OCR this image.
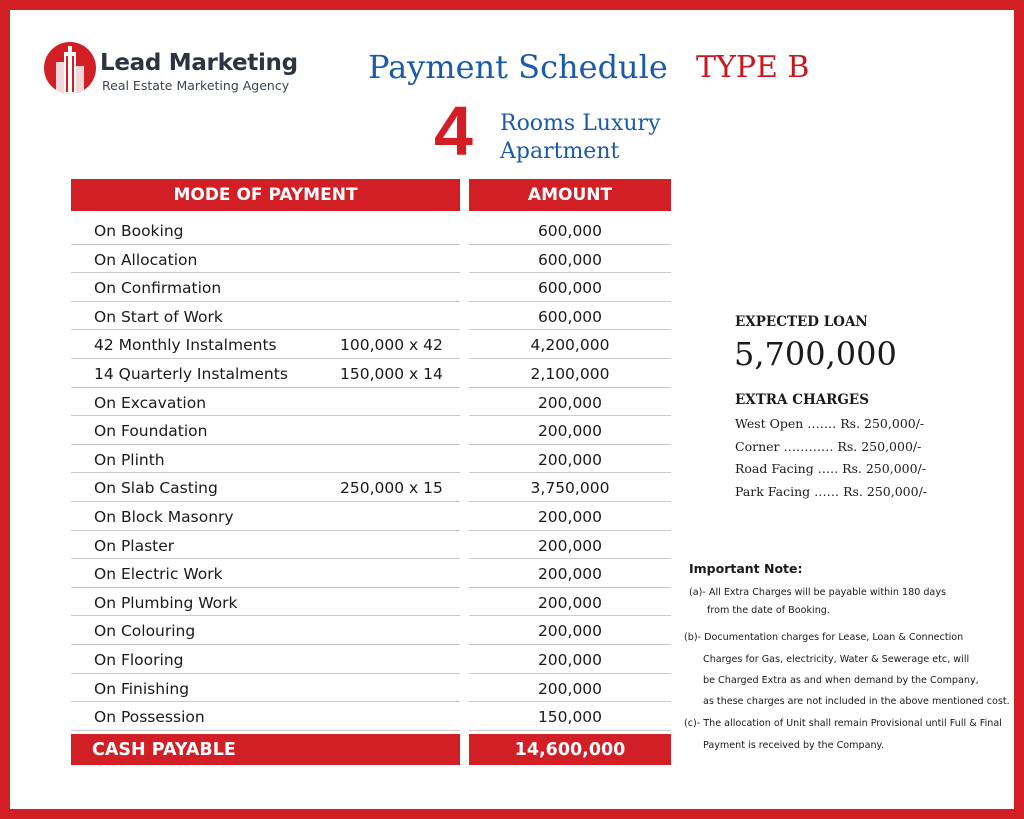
Lead Marketing
Real Estate Marketing Agency Payment Schedule TYPE B
4 Rooms Luxury
Apartment
MODE OF PAYMENT	AMOUNT
On Booking	600,000
On Allocation	600,000
On Confirmation	600,000
On Start of Work	600,000
42 Monthly Instalments	100,000 x 42	4,200,000
14 Quarterly Instalments	150,000 x 14	2,100,000
On Excavation	200,000
On Foundation	200,000
On Plinth	200,000
On Slab Casting	250,000 x 15	3,750,000
On Block Masonry	200,000
On Plaster	200,000
On Electric Work	200,000
On Plumbing Work	200,000
On Colouring	200,000
On Flooring	200,000
On Finishing	200,000
On Possession	150,000
CASH PAYABLE	14,600,000
EXPECTED LOAN
5,700,000
EXTRA CHARGES
West Open ……. Rs. 250,000/-
Corner ………… Rs. 250,000/-
Road Facing ….. Rs. 250,000/-
Park Facing …… Rs. 250,000/-
Important Note:
(a)- All Extra Charges will be payable within 180 days
from the date of Booking.
(b)- Documentation charges for Lease, Loan & Connection
Charges for Gas, electricity, Water & Sewerage etc, will
be Charged Extra as and when demand by the Company,
as these charges are not included in the above mentioned cost.
(c)- The allocation of Unit shall remain Provisional until Full & Final
Payment is received by the Company.
